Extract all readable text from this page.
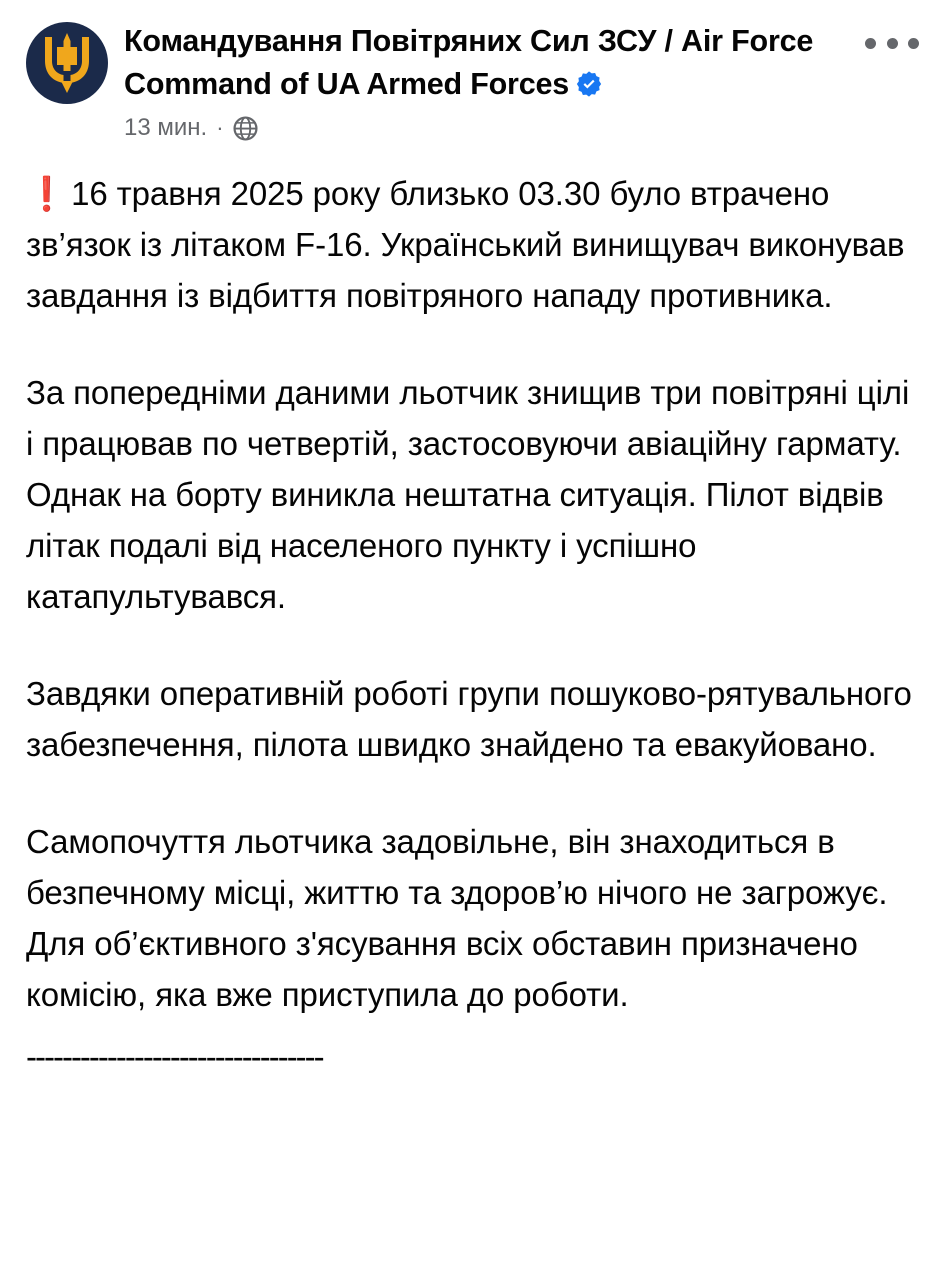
Командування Повітряних Сил ЗСУ / Air Force Command of UA Armed Forces
13 мин. ·

❗ 16 травня 2025 року близько 03.30 було втрачено зв’язок із літаком F-16. Український винищувач виконував завдання із відбиття повітряного нападу противника.

За попередніми даними льотчик знищив три повітряні цілі і працював по четвертій, застосовуючи авіаційну гармату. Однак на борту виникла нештатна ситуація. Пілот відвів літак подалі від населеного пункту і успішно катапультувався.

Завдяки оперативній роботі групи пошуково-рятувального забезпечення, пілота швидко знайдено та евакуйовано.

Самопочуття льотчика задовільне, він знаходиться в безпечному місці, життю та здоров’ю нічого не загрожує. Для об’єктивного з'ясування всіх обставин призначено комісію, яка вже приступила до роботи.

---------------------------------
